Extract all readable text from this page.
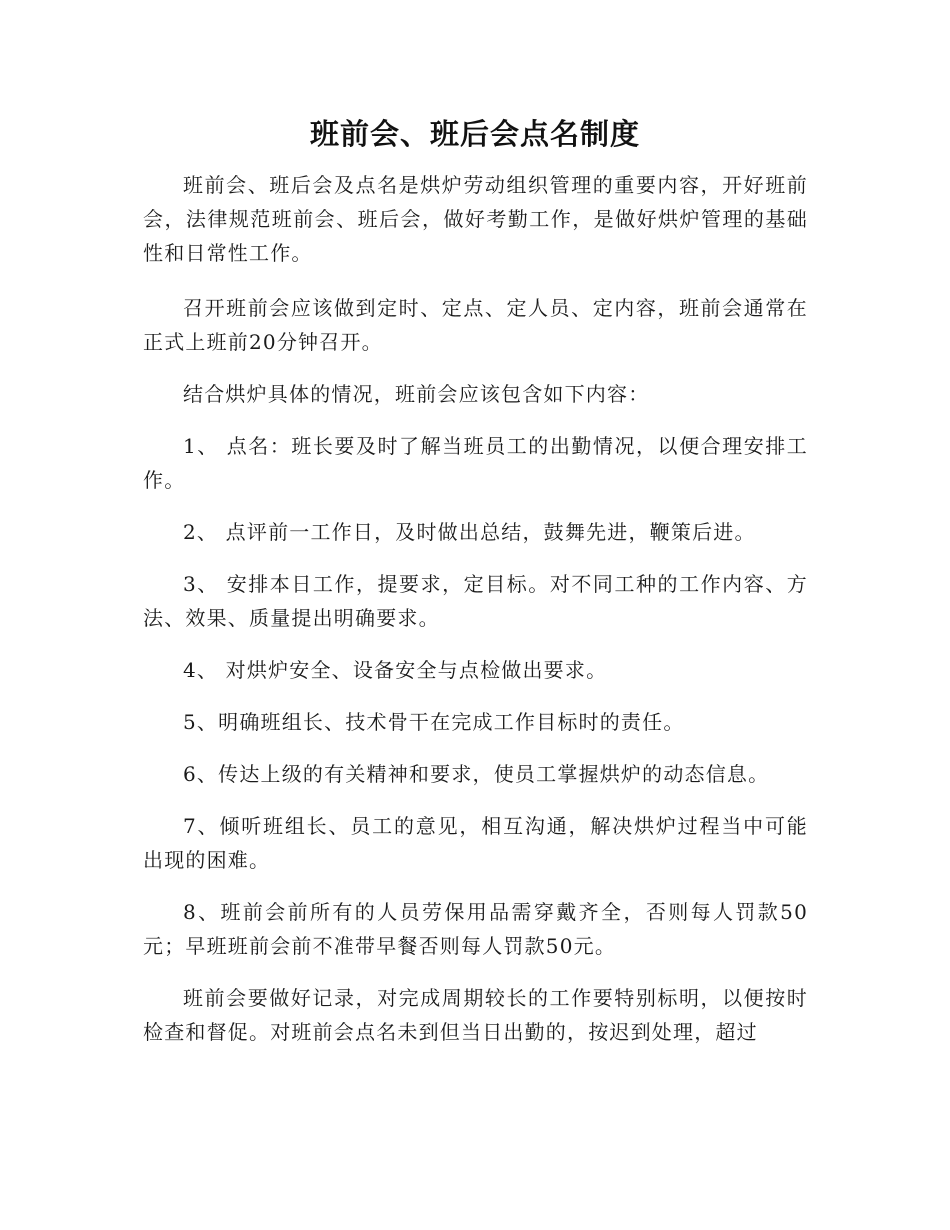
班前会、班后会点名制度

班前会、班后会及点名是烘炉劳动组织管理的重要内容，开好班前会，法律规范班前会、班后会，做好考勤工作，是做好烘炉管理的基础性和日常性工作。

召开班前会应该做到定时、定点、定人员、定内容，班前会通常在正式上班前20分钟召开。

结合烘炉具体的情况，班前会应该包含如下内容：

1、 点名：班长要及时了解当班员工的出勤情况，以便合理安排工作。

2、 点评前一工作日，及时做出总结，鼓舞先进，鞭策后进。

3、 安排本日工作，提要求，定目标。对不同工种的工作内容、方法、效果、质量提出明确要求。

4、 对烘炉安全、设备安全与点检做出要求。

5、明确班组长、技术骨干在完成工作目标时的责任。

6、传达上级的有关精神和要求，使员工掌握烘炉的动态信息。

7、倾听班组长、员工的意见，相互沟通，解决烘炉过程当中可能出现的困难。

8、班前会前所有的人员劳保用品需穿戴齐全，否则每人罚款50元；早班班前会前不准带早餐否则每人罚款50元。

班前会要做好记录，对完成周期较长的工作要特别标明，以便按时检查和督促。对班前会点名未到但当日出勤的，按迟到处理，超过
